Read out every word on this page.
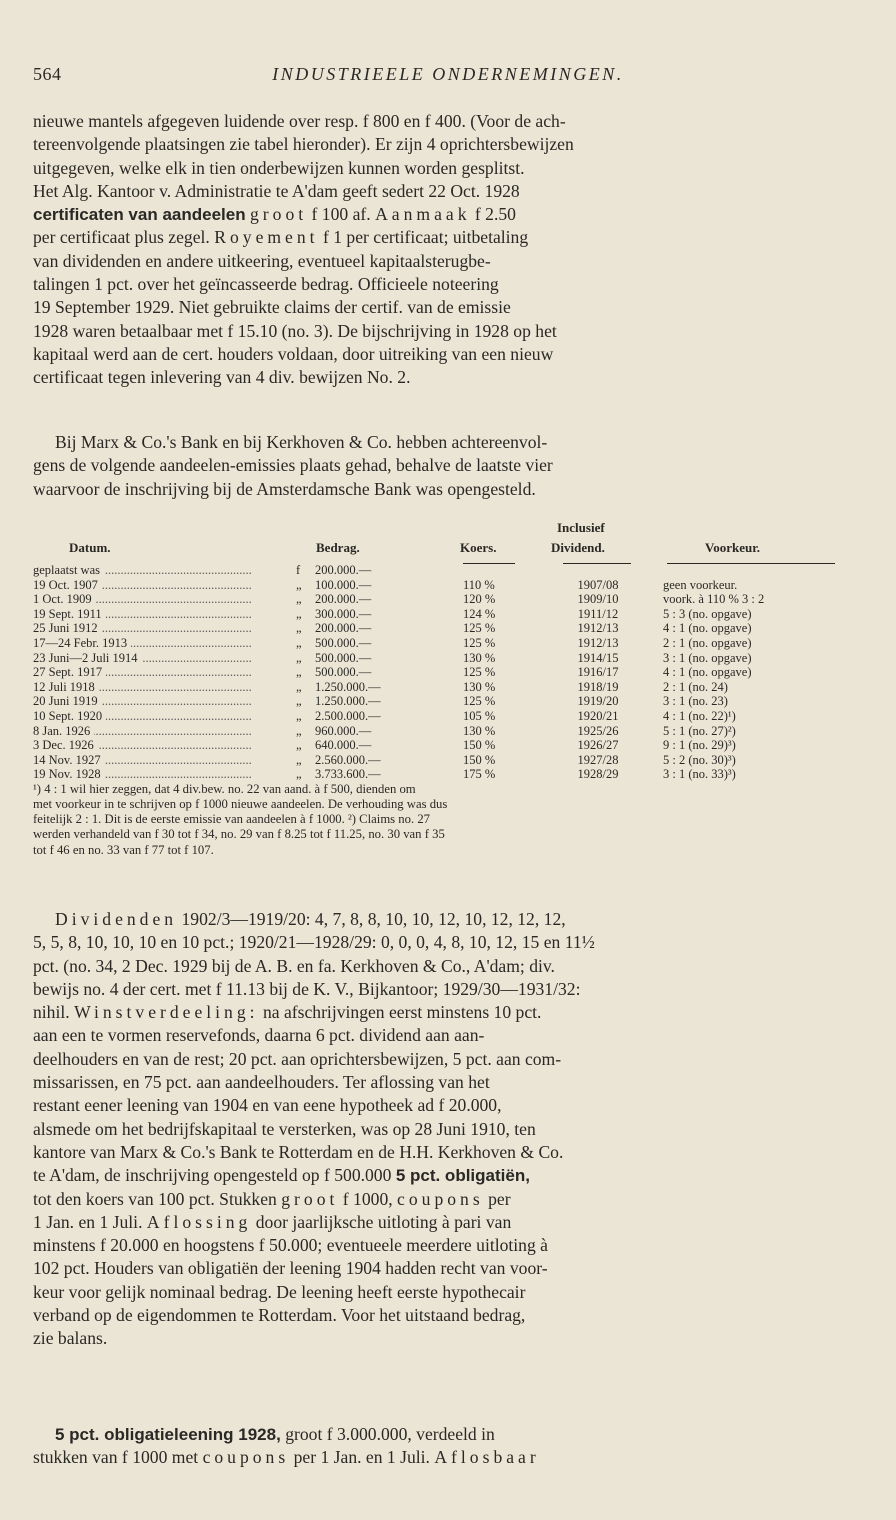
564	INDUSTRIEELE ONDERNEMINGEN.
nieuwe mantels afgegeven luidende over resp. f 800 en f 400. (Voor de ach-
tereenvolgende plaatsingen zie tabel hieronder). Er zijn 4 oprichtersbewijzen
uitgegeven, welke elk in tien onderbewijzen kunnen worden gesplitst.
Het Alg. Kantoor v. Administratie te A'dam geeft sedert 22 Oct. 1928
certificaten van aandeelen groot f 100 af. Aanmaak f 2.50
per certificaat plus zegel. Royement f 1 per certificaat; uitbetaling
van dividenden en andere uitkeering, eventueel kapitaalsterugbe-
talingen 1 pct. over het geïncasseerde bedrag. Officieele noteering
19 September 1929. Niet gebruikte claims der certif. van de emissie
1928 waren betaalbaar met f 15.10 (no. 3). De bijschrijving in 1928 op het
kapitaal werd aan de cert. houders voldaan, door uitreiking van een nieuw
certificaat tegen inlevering van 4 div. bewijzen No. 2.
Bij Marx & Co.'s Bank en bij Kerkhoven & Co. hebben achtereenvol-
gens de volgende aandeelen-emissies plaats gehad, behalve de laatste vier
waarvoor de inschrijving bij de Amsterdamsche Bank was opengesteld.
Datum.	Bedrag.	Koers.
Inclusief
Dividend.	Voorkeur.
geplaatst was .....	f	200.000.—
19 Oct. 1907 .....	„	100.000.—	110 %	1907/08	geen voorkeur.
1 Oct. 1909 .....	„	200.000.—	120 %	1909/10	voork. à 110 % 3 : 2
19 Sept. 1911 .....	„	300.000.—	124 %	1911/12	5 : 3 (no. opgave)
25 Juni 1912 .....	„	200.000.—	125 %	1912/13	4 : 1 (no. opgave)
17—24 Febr. 1913 .....	„	500.000.—	125 %	1912/13	2 : 1 (no. opgave)
23 Juni—2 Juli 1914 .....	„	500.000.—	130 %	1914/15	3 : 1 (no. opgave)
27 Sept. 1917 .....	„	500.000.—	125 %	1916/17	4 : 1 (no. opgave)
12 Juli 1918 .....	„	1.250.000.—	130 %	1918/19	2 : 1 (no. 24)
20 Juni 1919 .....	„	1.250.000.—	125 %	1919/20	3 : 1 (no. 23)
10 Sept. 1920 .....	„	2.500.000.—	105 %	1920/21	4 : 1 (no. 22)¹)
8 Jan. 1926 .....	„	960.000.—	130 %	1925/26	5 : 1 (no. 27)²)
3 Dec. 1926 .....	„	640.000.—	150 %	1926/27	9 : 1 (no. 29)³)
14 Nov. 1927 .....	„	2.560.000.—	150 %	1927/28	5 : 2 (no. 30)³)
19 Nov. 1928 .....	„	3.733.600.—	175 %	1928/29	3 : 1 (no. 33)³)
¹) 4 : 1 wil hier zeggen, dat 4 div.bew. no. 22 van aand. à f 500, dienden om
met voorkeur in te schrijven op f 1000 nieuwe aandeelen. De verhouding was dus
feitelijk 2 : 1. Dit is de eerste emissie van aandeelen à f 1000. ²) Claims no. 27
werden verhandeld van f 30 tot f 34, no. 29 van f 8.25 tot f 11.25, no. 30 van f 35
tot f 46 en no. 33 van f 77 tot f 107.
Dividenden 1902/3—1919/20: 4, 7, 8, 8, 10, 10, 12, 10, 12, 12, 12,
5, 5, 8, 10, 10, 10 en 10 pct.; 1920/21—1928/29: 0, 0, 0, 4, 8, 10, 12, 15 en 11½
pct. (no. 34, 2 Dec. 1929 bij de A. B. en fa. Kerkhoven & Co., A'dam; div.
bewijs no. 4 der cert. met f 11.13 bij de K. V., Bijkantoor; 1929/30—1931/32:
nihil. Winstverdeeling: na afschrijvingen eerst minstens 10 pct.
aan een te vormen reservefonds, daarna 6 pct. dividend aan aan-
deelhouders en van de rest; 20 pct. aan oprichtersbewijzen, 5 pct. aan com-
missarissen, en 75 pct. aan aandeelhouders. Ter aflossing van het
restant eener leening van 1904 en van eene hypotheek ad f 20.000,
alsmede om het bedrijfskapitaal te versterken, was op 28 Juni 1910, ten
kantore van Marx & Co.'s Bank te Rotterdam en de H.H. Kerkhoven & Co.
te A'dam, de inschrijving opengesteld op f 500.000 5 pct. obligatiën,
tot den koers van 100 pct. Stukken groot f 1000, coupons per
1 Jan. en 1 Juli. Aflossing door jaarlijksche uitloting à pari van
minstens f 20.000 en hoogstens f 50.000; eventueele meerdere uitloting à
102 pct. Houders van obligatiën der leening 1904 hadden recht van voor-
keur voor gelijk nominaal bedrag. De leening heeft eerste hypothecair
verband op de eigendommen te Rotterdam. Voor het uitstaand bedrag,
zie balans.
5 pct. obligatieleening 1928, groot f 3.000.000, verdeeld in
stukken van f 1000 met coupons per 1 Jan. en 1 Juli. Aflosbaar
